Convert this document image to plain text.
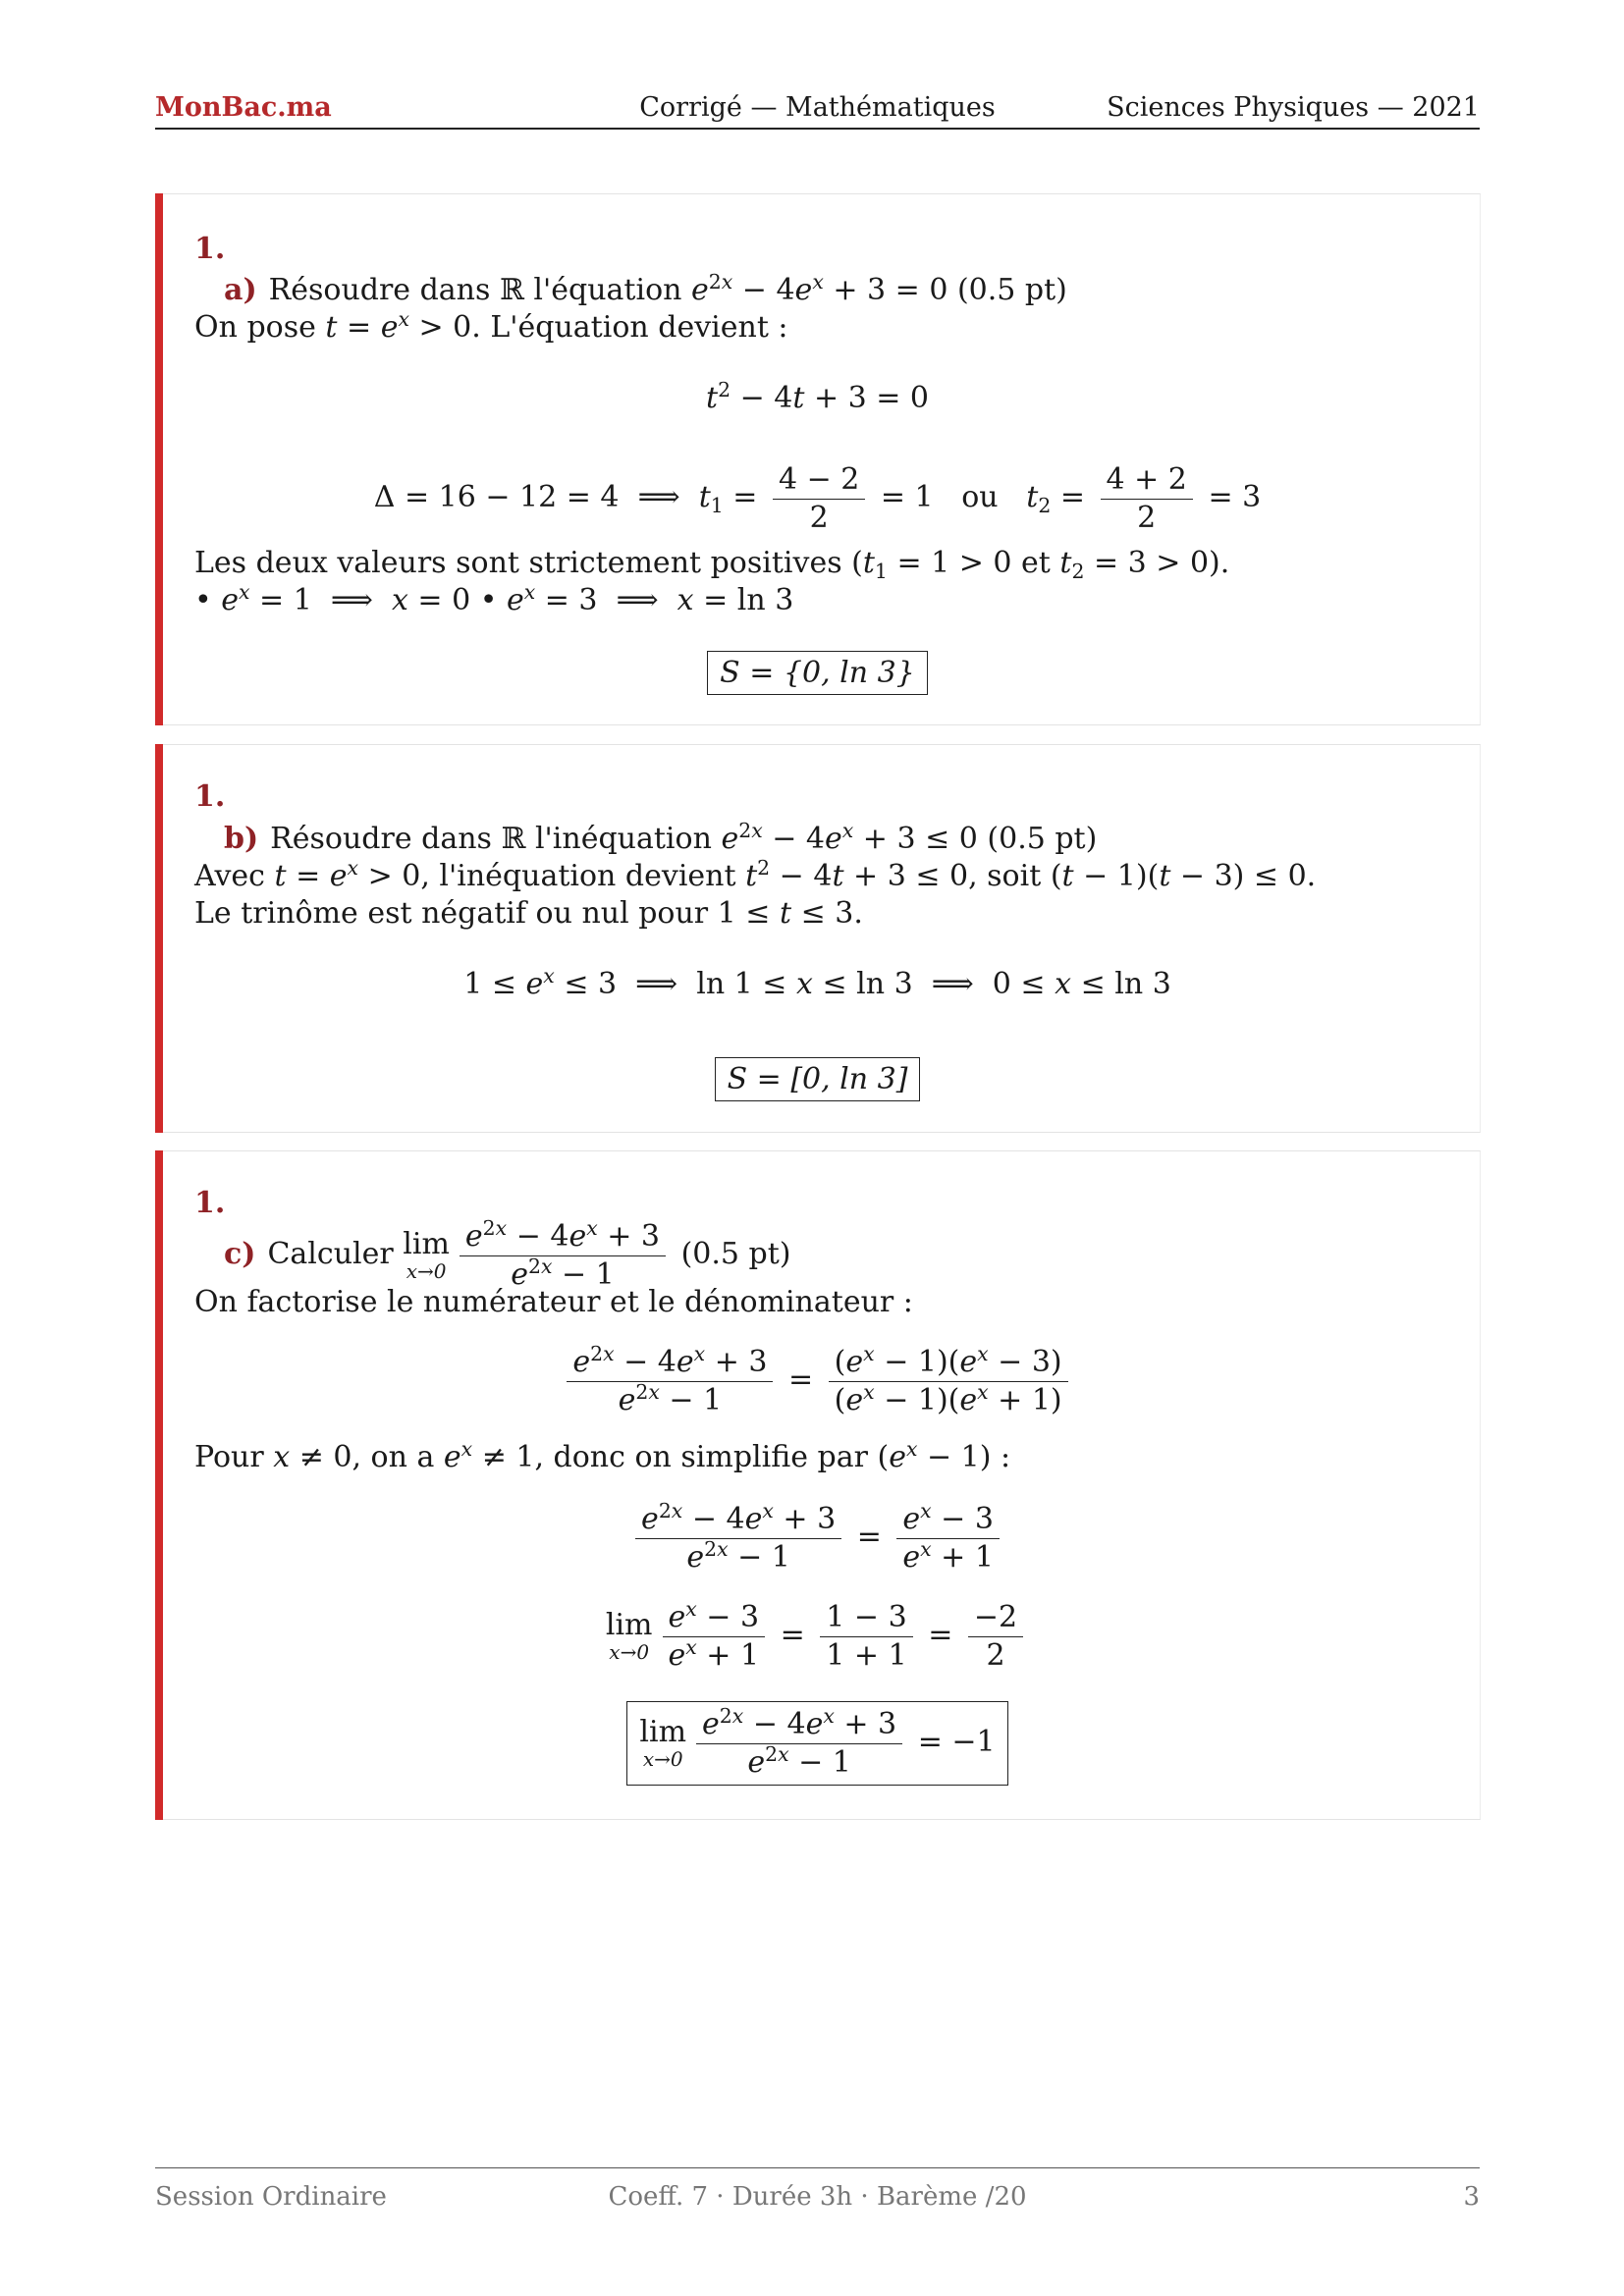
MonBac.ma	Corrigé — Mathématiques	Sciences Physiques — 2021
1.
a) Résoudre dans ℝ l'équation $e^{2x} - 4e^x + 3 = 0$ (0.5 pt)
On pose $t = e^x > 0$. L'équation devient :
$t^2 - 4t + 3 = 0$
Δ = 16 − 12 = 4  ⟹  $t_1 = \frac{4 - 2}{2} = 1$   ou $t_2 = \frac{4 + 2}{2} = 3$
Les deux valeurs sont strictement positives ($t_1 = 1 > 0$ et $t_2 = 3 > 0$).
• $e^x = 1$  ⟹  x = 0 • $e^x = 3$  ⟹  x = ln 3
S = {0, ln 3}
1.
b) Résoudre dans ℝ l'inéquation $e^{2x} - 4e^x + 3 \le 0$ (0.5 pt)
Avec $t = e^x > 0$, l'inéquation devient $t^2 - 4t + 3 \le 0$, soit (t − 1)(t − 3) ≤ 0.
Le trinôme est négatif ou nul pour 1 ≤ t ≤ 3.
$1 \le e^x \le 3$  ⟹  ln 1 ≤ x ≤ ln 3  ⟹  0 ≤ x ≤ ln 3
S = [0, ln 3]
1.
c) Calculer lim
$x\to 0 \frac{e^{2x} - 4e^x + 3}{e^{2x} - 1} (0.5$ pt)
On factorise le numérateur et le dénominateur :
$\frac{e^{2x} - 4e^x + 3}{e^{2x} - 1} = \frac{(e^x - 1)(e^x - 3)}{(e^x - 1)(e^x + 1)}$
Pour x ≠ 0, on a $e^x \ne 1$, donc on simplifie par $(e^x - 1)$ :
$\frac{e^{2x} - 4e^x + 3}{e^{2x} - 1} = \frac{e^x - 3}{e^x + 1}$
lim
$x\to 0 \frac{e^x - 3}{e^x + 1} = \frac{1 - 3}{1 + 1} = \frac{-2}{2}$
lim
$x\to 0 \frac{e^{2x} - 4e^x + 3}{e^{2x} - 1} = -1$
Session Ordinaire	Coeff. 7 · Durée 3h · Barème /20	3
